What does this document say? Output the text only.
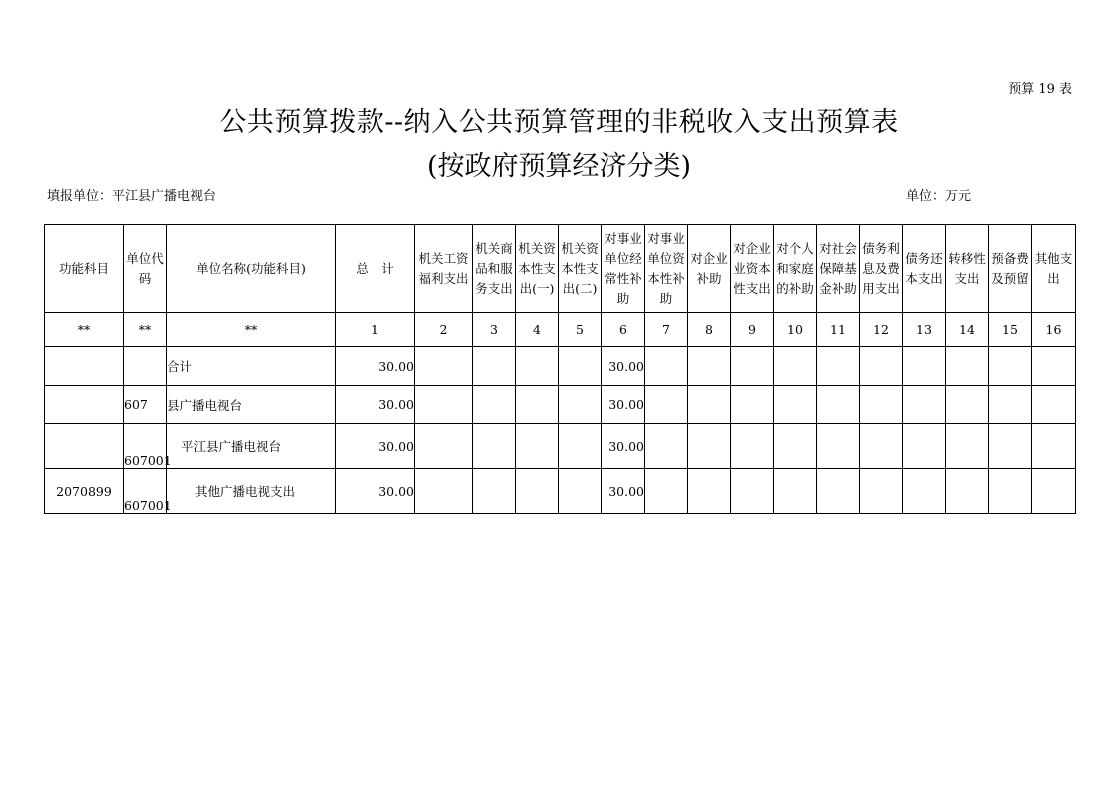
预算 19 表
公共预算拨款--纳入公共预算管理的非税收入支出预算表
(按政府预算经济分类)
填报单位：平江县广播电视台	单位：万元
功能科目	单位代码	单位名称(功能科目)	总　计	机关工资福利支出	机关商品和服务支出	机关资本性支出(一)	机关资本性支出(二)	对事业单位经常性补助	对事业单位资本性补助	对企业补助	对企业业资本性支出	对个人和家庭的补助	对社会保障基金补助	债务利息及费用支出	债务还本支出	转移性支出	预备费及预留	其他支出
**	**	**	1	2	3	4	5	6	7	8	9	10	11	12	13	14	15	16
		合计	30.00					30.00										
	607	县广播电视台	30.00					30.00										
	607001	平江县广播电视台	30.00					30.00										
2070899	607001	其他广播电视支出	30.00					30.00										
